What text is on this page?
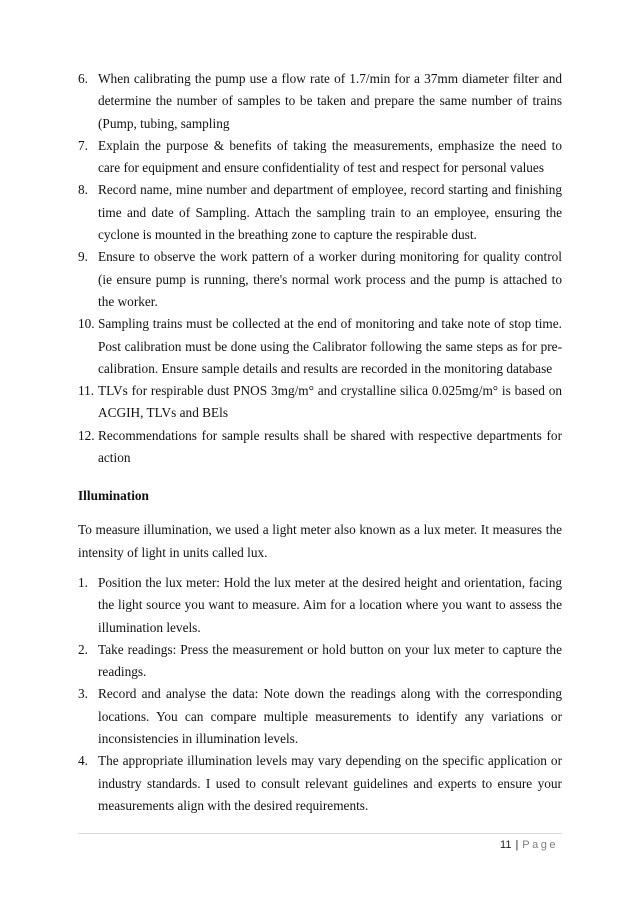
6. When calibrating the pump use a flow rate of 1.7/min for a 37mm diameter filter and determine the number of samples to be taken and prepare the same number of trains (Pump, tubing, sampling
7. Explain the purpose & benefits of taking the measurements, emphasize the need to care for equipment and ensure confidentiality of test and respect for personal values
8. Record name, mine number and department of employee, record starting and finishing time and date of Sampling. Attach the sampling train to an employee, ensuring the cyclone is mounted in the breathing zone to capture the respirable dust.
9. Ensure to observe the work pattern of a worker during monitoring for quality control (ie ensure pump is running, there's normal work process and the pump is attached to the worker.
10. Sampling trains must be collected at the end of monitoring and take note of stop time. Post calibration must be done using the Calibrator following the same steps as for pre-calibration. Ensure sample details and results are recorded in the monitoring database
11. TLVs for respirable dust PNOS 3mg/m° and crystalline silica 0.025mg/m° is based on ACGIH, TLVs and BEls
12. Recommendations for sample results shall be shared with respective departments for action
Illumination

To measure illumination, we used a light meter also known as a lux meter. It measures the intensity of light in units called lux.

1. Position the lux meter: Hold the lux meter at the desired height and orientation, facing the light source you want to measure. Aim for a location where you want to assess the illumination levels.
2. Take readings: Press the measurement or hold button on your lux meter to capture the readings.
3. Record and analyse the data: Note down the readings along with the corresponding locations. You can compare multiple measurements to identify any variations or inconsistencies in illumination levels.
4. The appropriate illumination levels may vary depending on the specific application or industry standards. I used to consult relevant guidelines and experts to ensure your measurements align with the desired requirements.
11 | Page
